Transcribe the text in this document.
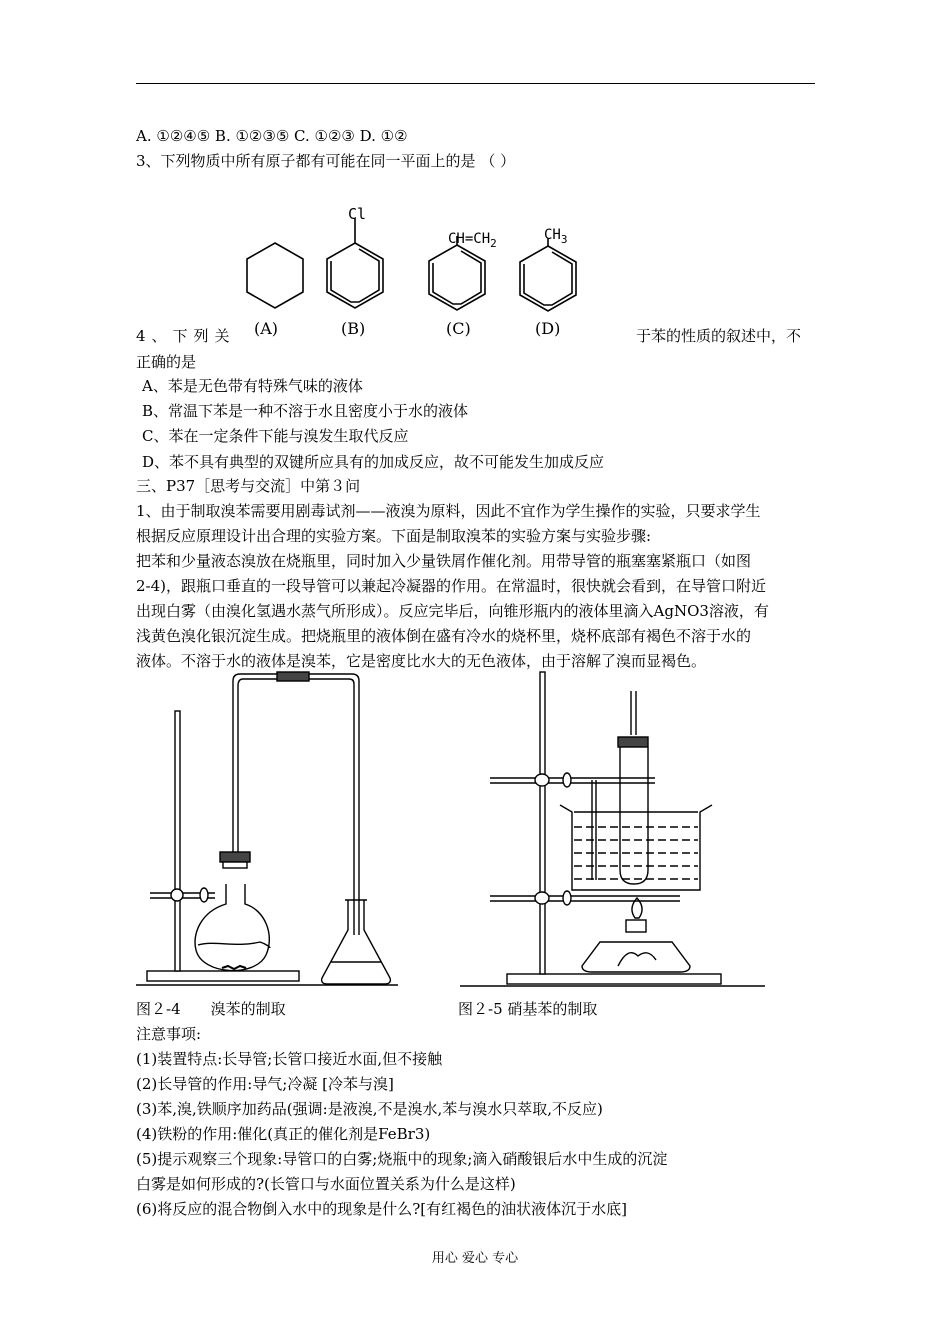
A. ①②④⑤ B. ①②③⑤ C. ①②③ D. ①②
3、下列物质中所有原子都有可能在同一平面上的是 （ ）
Cl
$CH=CH_2$
$CH_3$
(A)	(B)	(C)	(D)
4、下列关	于苯的性质的叙述中，不
正确的是
A、苯是无色带有特殊气味的液体
B、常温下苯是一种不溶于水且密度小于水的液体
C、苯在一定条件下能与溴发生取代反应
D、苯不具有典型的双键所应具有的加成反应，故不可能发生加成反应
三、P37［思考与交流］中第３问
1、由于制取溴苯需要用剧毒试剂——液溴为原料，因此不宜作为学生操作的实验，只要求学生
根据反应原理设计出合理的实验方案。下面是制取溴苯的实验方案与实验步骤:
把苯和少量液态溴放在烧瓶里，同时加入少量铁屑作催化剂。用带导管的瓶塞塞紧瓶口（如图
2-4)，跟瓶口垂直的一段导管可以兼起冷凝器的作用。在常温时，很快就会看到，在导管口附近
出现白雾（由溴化氢遇水蒸气所形成）。反应完毕后，向锥形瓶内的液体里滴入AgNO3溶液，有
浅黄色溴化银沉淀生成。把烧瓶里的液体倒在盛有冷水的烧杯里，烧杯底部有褐色不溶于水的
液体。不溶于水的液体是溴苯，它是密度比水大的无色液体，由于溶解了溴而显褐色。
图２-4　　溴苯的制取	图２-5 硝基苯的制取
注意事项:
(1)装置特点:长导管;长管口接近水面,但不接触
(2)长导管的作用:导气;冷凝 [冷苯与溴]
(3)苯,溴,铁顺序加药品(强调:是液溴,不是溴水,苯与溴水只萃取,不反应)
(4)铁粉的作用:催化(真正的催化剂是FeBr3)
(5)提示观察三个现象:导管口的白雾;烧瓶中的现象;滴入硝酸银后水中生成的沉淀
白雾是如何形成的?(长管口与水面位置关系为什么是这样)
(6)将反应的混合物倒入水中的现象是什么?[有红褐色的油状液体沉于水底]
用心 爱心 专心
